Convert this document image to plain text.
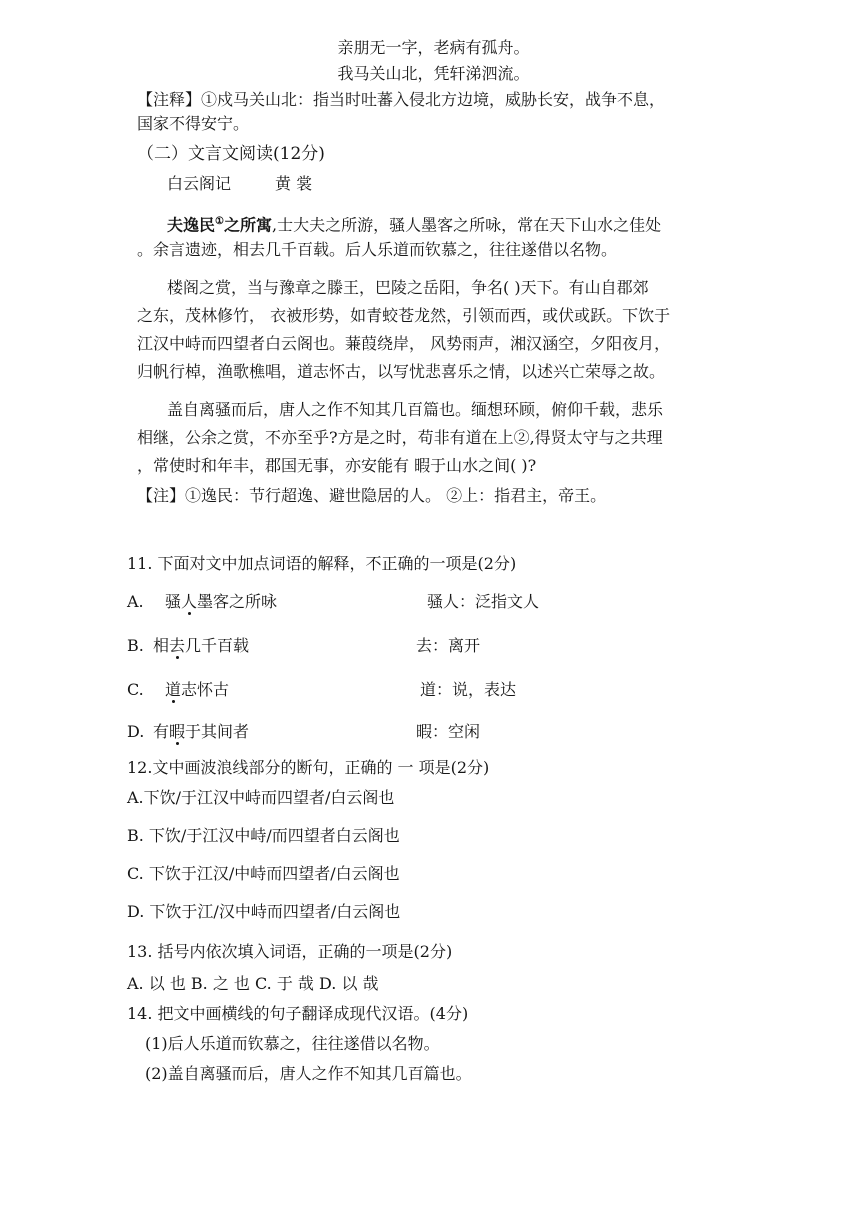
亲朋无一字，老病有孤舟。
我马关山北，凭轩涕泗流。
【注释】①戍马关山北：指当时吐蕃入侵北方边境，威胁长安，战争不息，
国家不得安宁。
（二）文言文阅读(12分)
白云阁记	黄 裳
夫逸民①之所寓,士大夫之所游，骚人墨客之所咏，常在天下山水之佳处
。余言遗迹，相去几千百载。后人乐道而钦慕之，往往遂借以名物。
楼阁之赏，当与豫章之滕王，巴陵之岳阳，争名( )天下。有山自郡郊
之东，茂林修竹， 衣被形势，如青蛟苍龙然，引领而西，或伏或跃。下饮于
江汉中峙而四望者白云阁也。蒹葭绕岸， 风势雨声，湘汉涵空，夕阳夜月，
归帆行棹，渔歌樵唱，道志怀古，以写忧悲喜乐之情，以述兴亡荣辱之故。
盖自离骚而后，唐人之作不知其几百篇也。缅想环顾，俯仰千载，悲乐
相继，公余之赏，不亦至乎?方是之时，苟非有道在上②,得贤太守与之共理
，常使时和年丰，郡国无事，亦安能有 暇于山水之间( )?
【注】①逸民：节行超逸、避世隐居的人。 ②上：指君主，帝王。
11. 下面对文中加点词语的解释，不正确的一项是(2分)
A. 骚人墨客之所咏	骚人：泛指文人
B. 相去几千百载	去：离开
C. 道志怀古	道：说，表达
D. 有暇于其间者	暇：空闲
12.文中画波浪线部分的断句，正确的 一 项是(2分)
A.下饮/于江汉中峙而四望者/白云阁也
B. 下饮/于江汉中峙/而四望者白云阁也
C. 下饮于江汉/中峙而四望者/白云阁也
D. 下饮于江/汉中峙而四望者/白云阁也
13. 括号内依次填入词语，正确的一项是(2分)
A. 以 也 B. 之 也 C. 于 哉 D. 以 哉
14. 把文中画横线的句子翻译成现代汉语。(4分)
(1)后人乐道而钦慕之，往往遂借以名物。
(2)盖自离骚而后，唐人之作不知其几百篇也。
